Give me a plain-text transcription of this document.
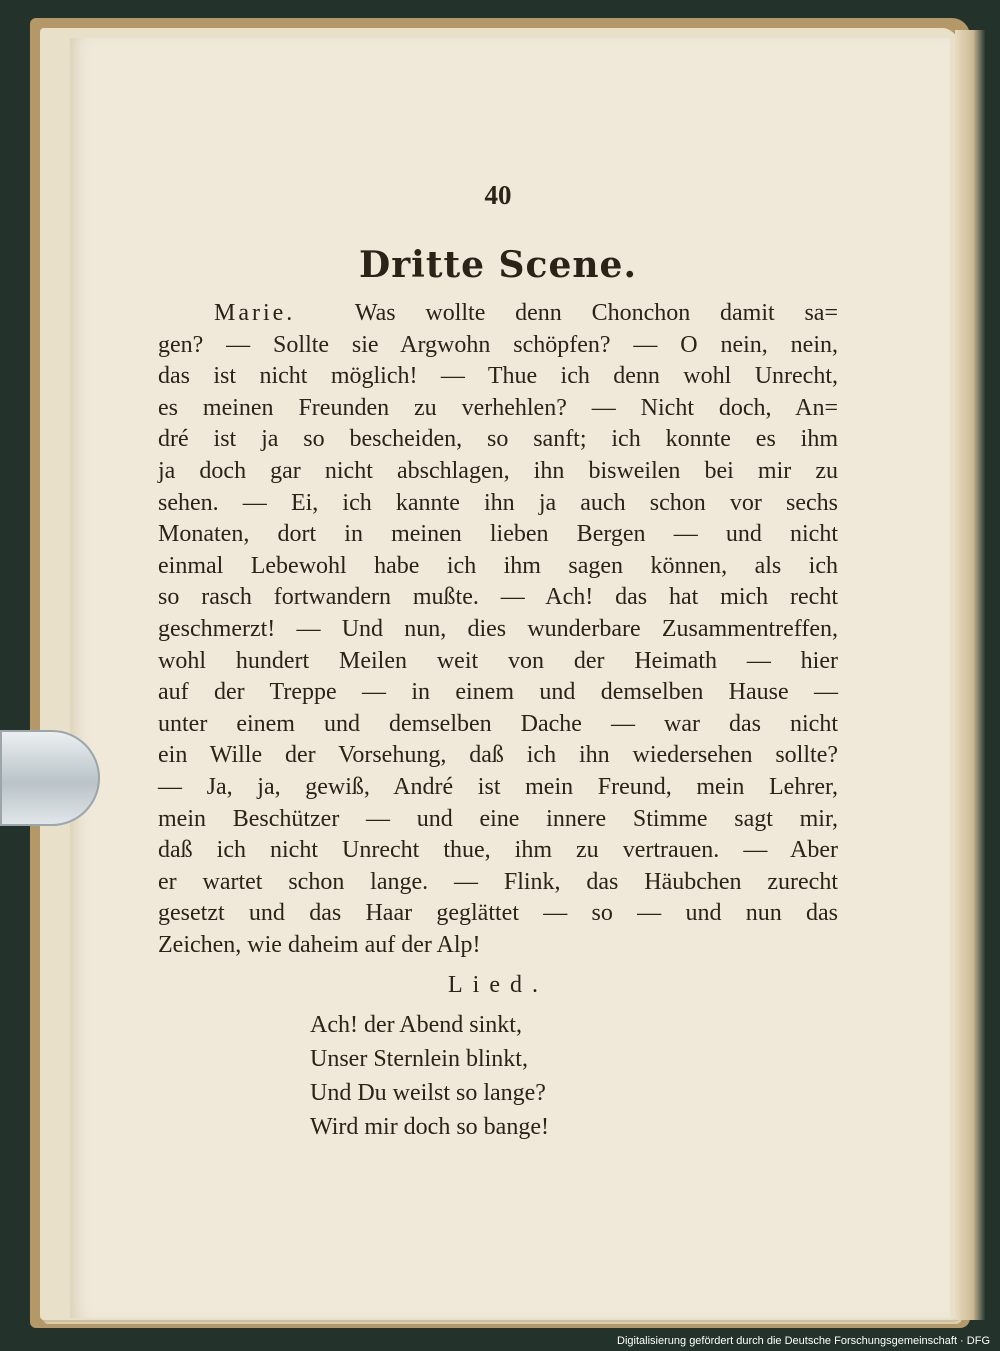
40
Dritte Scene.
Marie. Was wollte denn Chonchon damit sa=
gen? — Sollte sie Argwohn schöpfen? — O nein, nein,
das ist nicht möglich! — Thue ich denn wohl Unrecht,
es meinen Freunden zu verhehlen? — Nicht doch, An=
dré ist ja so bescheiden, so sanft; ich konnte es ihm
ja doch gar nicht abschlagen, ihn bisweilen bei mir zu
sehen. — Ei, ich kannte ihn ja auch schon vor sechs
Monaten, dort in meinen lieben Bergen — und nicht
einmal Lebewohl habe ich ihm sagen können, als ich
so rasch fortwandern mußte. — Ach! das hat mich recht
geschmerzt! — Und nun, dies wunderbare Zusammentreffen,
wohl hundert Meilen weit von der Heimath — hier
auf der Treppe — in einem und demselben Hause —
unter einem und demselben Dache — war das nicht
ein Wille der Vorsehung, daß ich ihn wiedersehen sollte?
— Ja, ja, gewiß, André ist mein Freund, mein Lehrer,
mein Beschützer — und eine innere Stimme sagt mir,
daß ich nicht Unrecht thue, ihm zu vertrauen. — Aber
er wartet schon lange. — Flink, das Häubchen zurecht
gesetzt und das Haar geglättet — so — und nun das
Zeichen, wie daheim auf der Alp!
Lied.
Ach! der Abend sinkt,
Unser Sternlein blinkt,
Und Du weilst so lange?
Wird mir doch so bange!
Digitalisierung gefördert durch die Deutsche Forschungsgemeinschaft · DFG
